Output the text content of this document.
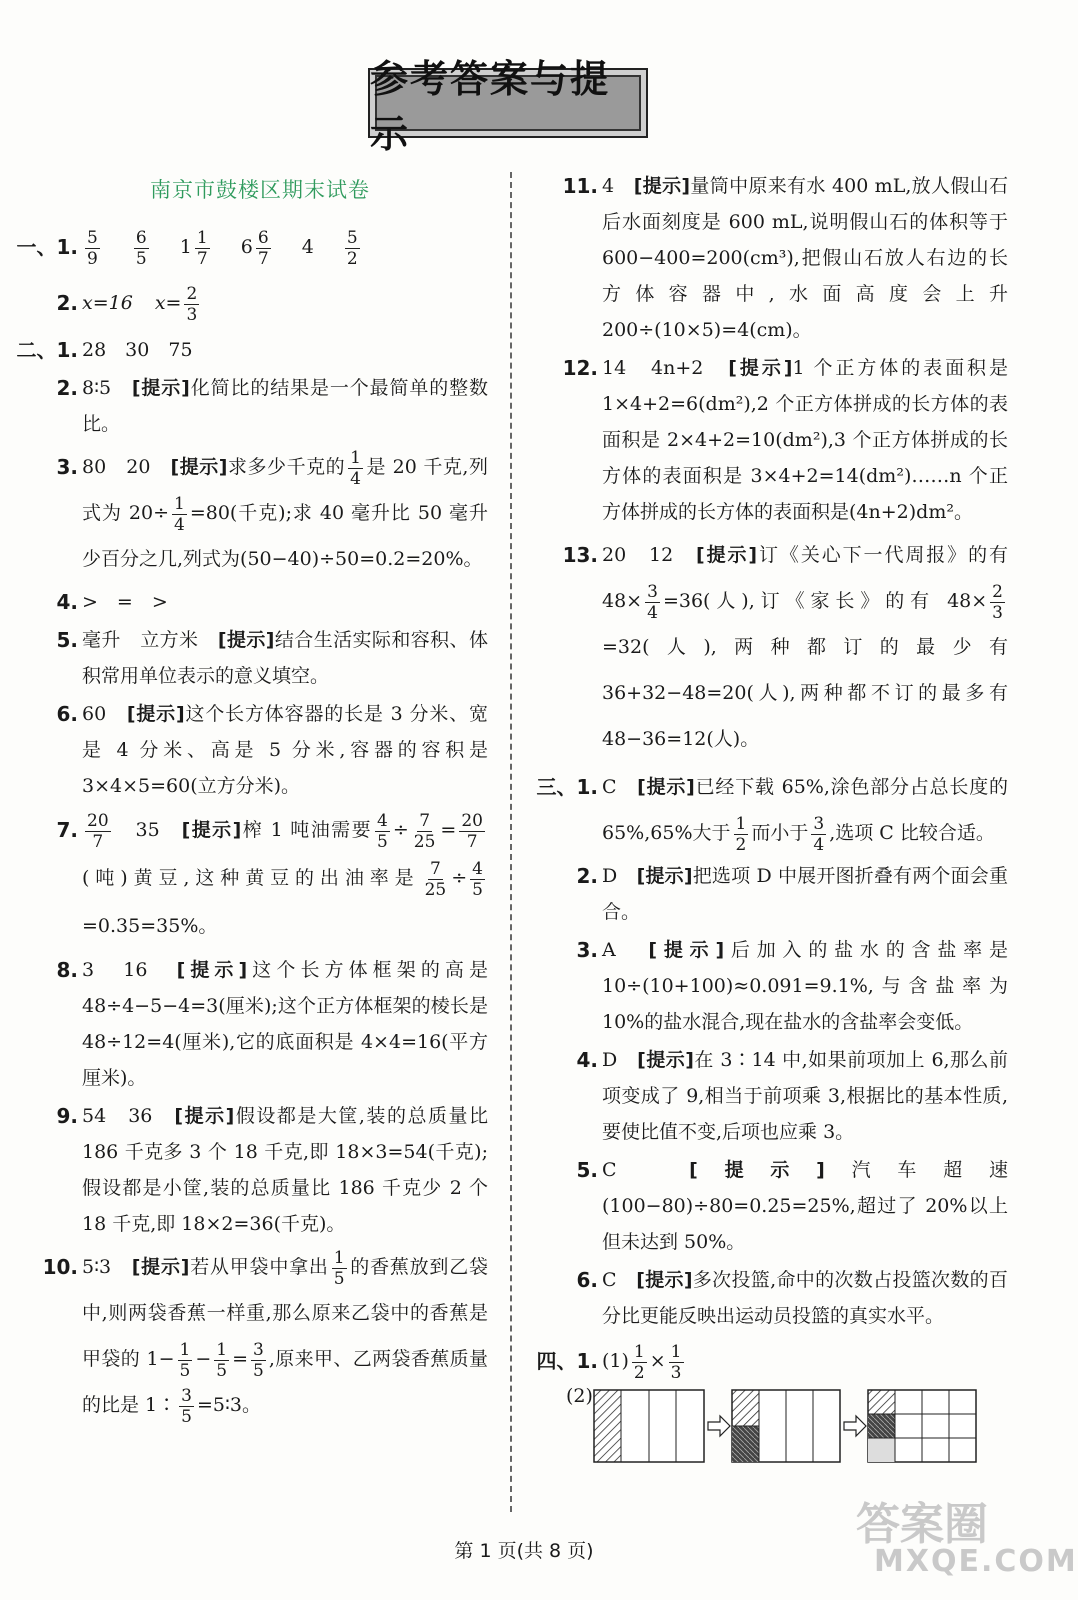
参考答案与提示
南京市鼓楼区期末试卷
一、1. $\frac{5}{9}$
$\frac{6}{5} 1 \frac{1}{7} 6 \frac{6}{7} 4 \frac{5}{2}$
2. x=16 $x= \frac{2}{3}$
二、1. 28　30　75
2. 8∶5　 [提示]化简比的结果是一个最简单的整数比。
3. 80　20　 [提示]求多少千克的 $\frac{1}{4}$ 是 20 千克,列式为 $20\div \frac{1}{4} =80$(千克);求 40 毫升比 50 毫升少百分之几,列式为(50−40)÷50=0.2=20%。
4. >　=　>
5. 毫升　立方米　 [提示]结合生活实际和容积、体积常用单位表示的意义填空。
6. 60　 [提示]这个长方体容器的长是 3 分米、宽是 4 分米、高是 5 分米,容器的容积是 3×4×5=60(立方分米)。
7. $\frac{20}{7}$
　 35　 [提示]榨 1 吨油需要 $\frac{4}{5} \div \frac{7}{25} = \frac{20}{7}$
(吨)黄豆,这种黄豆的出油率是 $\frac{7}{25} \div \frac{4}{5}$
=0.35=35%。
8. 3　16　 [提示]这个长方体框架的高是 48÷4−5−4=3(厘米);这个正方体框架的棱长是 48÷12=4(厘米),它的底面积是 4×4=16(平方厘米)。
9. 54　36　 [提示]假设都是大筐,装的总质量比 186 千克多 3 个 18 千克,即 18×3=54(千克);假设都是小筐,装的总质量比 186 千克少 2 个 18 千克,即 18×2=36(千克)。
10. 5∶3　 [提示]若从甲袋中拿出 $\frac{1}{5}$ 的香蕉放到乙袋中,则两袋香蕉一样重,那么原来乙袋中的香蕉是甲袋的 $1- \frac{1}{5} - \frac{1}{5} = \frac{3}{5}$ ,原来甲、乙两袋香蕉质量的比是 1∶ $\frac{3}{5}$ =5∶3。
11. 4　 [提示]量筒中原来有水 400 mL,放人假山石后水面刻度是 600 mL,说明假山石的体积等于 600−400=200(cm³),把假山石放人右边的长方体容器中,水面高度会上升 200÷(10×5)=4(cm)。
12. 14　4n+2　 [提示]1 个正方体的表面积是 1×4+2=6(dm²),2 个正方体拼成的长方体的表面积是 2×4+2=10(dm²),3 个正方体拼成的长方体的表面积是 3×4+2=14(dm²)……n 个正方体拼成的长方体的表面积是(4n+2)dm²。
13. 20　12　 [提示]订《关心下一代周报》的有 $48\times \frac{3}{4} =36$(人),订《家长》的有 $48\times \frac{2}{3}$
=32(人),两种都订的最少有 36+32−48=20(人),两种都不订的最多有 48−36=12(人)。
三、1. C　 [提示]已经下载 65%,涂色部分占总长度的 65%,65%大于 $\frac{1}{2}$ 而小于 $\frac{3}{4}$ ,选项 C 比较合适。
2. D　 [提示]把选项 D 中展开图折叠有两个面会重合。
3. A　 [提示]后加入的盐水的含盐率是 10÷(10+100)≈0.091=9.1%,与含盐率为 10%的盐水混合,现在盐水的含盐率会变低。
4. D　 [提示]在 3∶14 中,如果前项加上 6,那么前项变成了 9,相当于前项乘 3,根据比的基本性质,要使比值不变,后项也应乘 3。
5. C　	[提示]汽车超速(100−80)÷80=0.25=25%,超过了 20%以上但未达到 50%。
6. C　 [提示]多次投篮,命中的次数占投篮次数的百分比更能反映出运动员投篮的真实水平。
四、1. $(1) \frac{1}{2} \times \frac{1}{3}$
(2)
第 1 页(共 8 页)
答案圈
MXQE.COM
